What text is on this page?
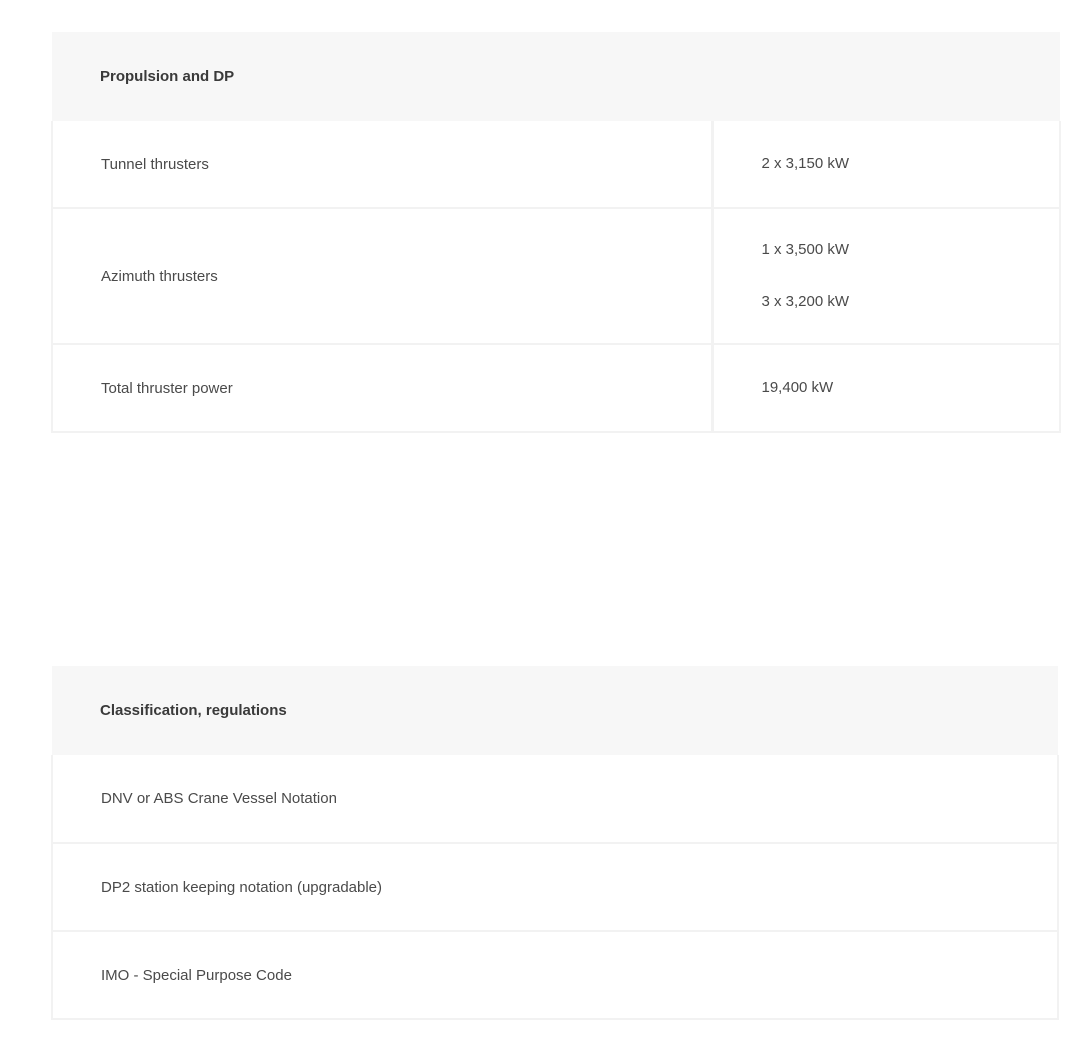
Propulsion and DP	
Tunnel thrusters	2 x 3,150 kW

Azimuth thrusters	1 x 3,500 kW
3 x 3,200 kW

Total thruster power	19,400 kW
Classification, regulations
DNV or ABS Crane Vessel Notation
DP2 station keeping notation (upgradable)
IMO - Special Purpose Code
